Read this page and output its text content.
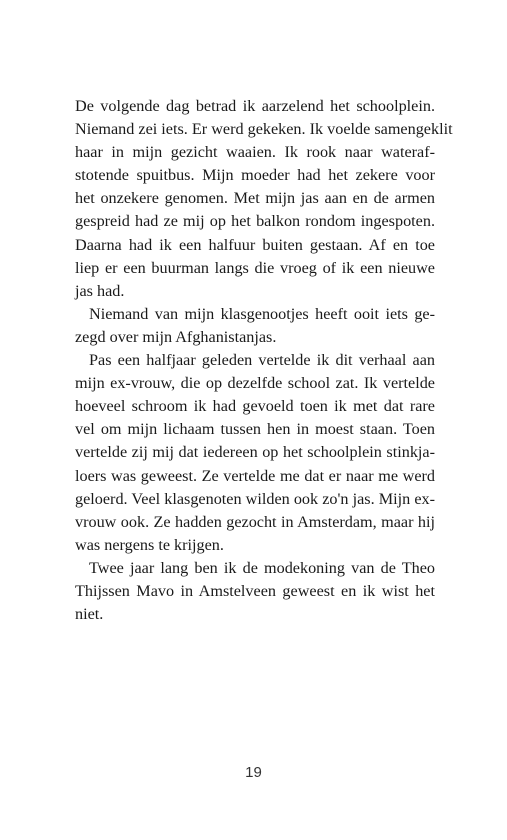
De volgende dag betrad ik aarzelend het schoolplein.
Niemand zei iets. Er werd gekeken. Ik voelde samengeklit
haar in mijn gezicht waaien. Ik rook naar wateraf-
stotende spuitbus. Mijn moeder had het zekere voor
het onzekere genomen. Met mijn jas aan en de armen
gespreid had ze mij op het balkon rondom ingespoten.
Daarna had ik een halfuur buiten gestaan. Af en toe
liep er een buurman langs die vroeg of ik een nieuwe
jas had.
Niemand van mijn klasgenootjes heeft ooit iets ge-
zegd over mijn Afghanistanjas.
Pas een halfjaar geleden vertelde ik dit verhaal aan
mijn ex-vrouw, die op dezelfde school zat. Ik vertelde
hoeveel schroom ik had gevoeld toen ik met dat rare
vel om mijn lichaam tussen hen in moest staan. Toen
vertelde zij mij dat iedereen op het schoolplein stinkja-
loers was geweest. Ze vertelde me dat er naar me werd
geloerd. Veel klasgenoten wilden ook zo'n jas. Mijn ex-
vrouw ook. Ze hadden gezocht in Amsterdam, maar hij
was nergens te krijgen.
Twee jaar lang ben ik de modekoning van de Theo
Thijssen Mavo in Amstelveen geweest en ik wist het
niet.
19
